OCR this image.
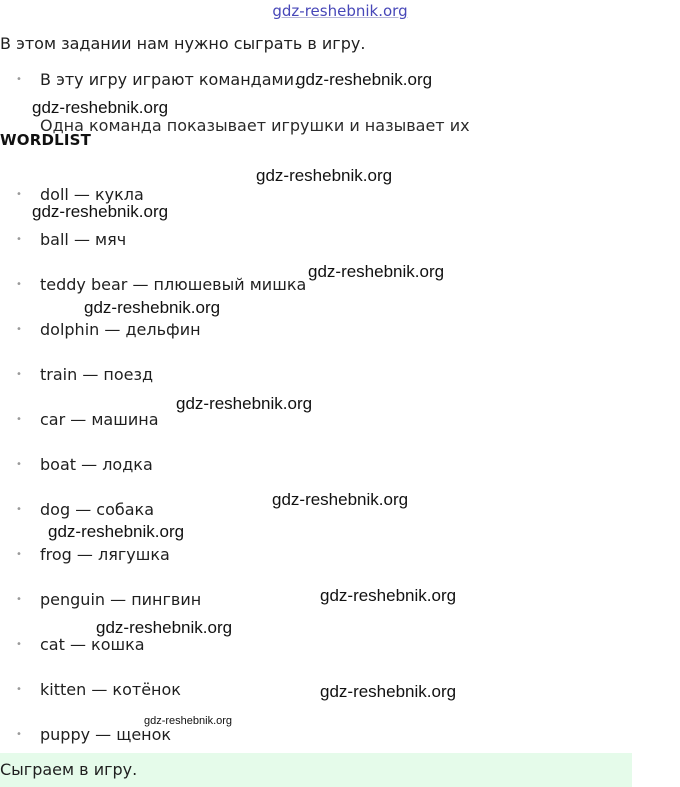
gdz-reshebnik.org
В этом задании нам нужно сыграть в игру.
• В эту игру играют командами.
Одна команда показывает игрушки и называет их
WORDLIST
• doll — кукла
• ball — мяч
• teddy bear — плюшевый мишка
• dolphin — дельфин
• train — поезд
• car — машина
• boat — лодка
• dog — собака
• frog — лягушка
• penguin — пингвин
• cat — кошка
• kitten — котёнок
• puppy — щенок
Сыграем в игру.
gdz-reshebnik.org
gdz-reshebnik.org
gdz-reshebnik.org
gdz-reshebnik.org
gdz-reshebnik.org
gdz-reshebnik.org
gdz-reshebnik.org
gdz-reshebnik.org
gdz-reshebnik.org
gdz-reshebnik.org
gdz-reshebnik.org
gdz-reshebnik.org
gdz-reshebnik.org
